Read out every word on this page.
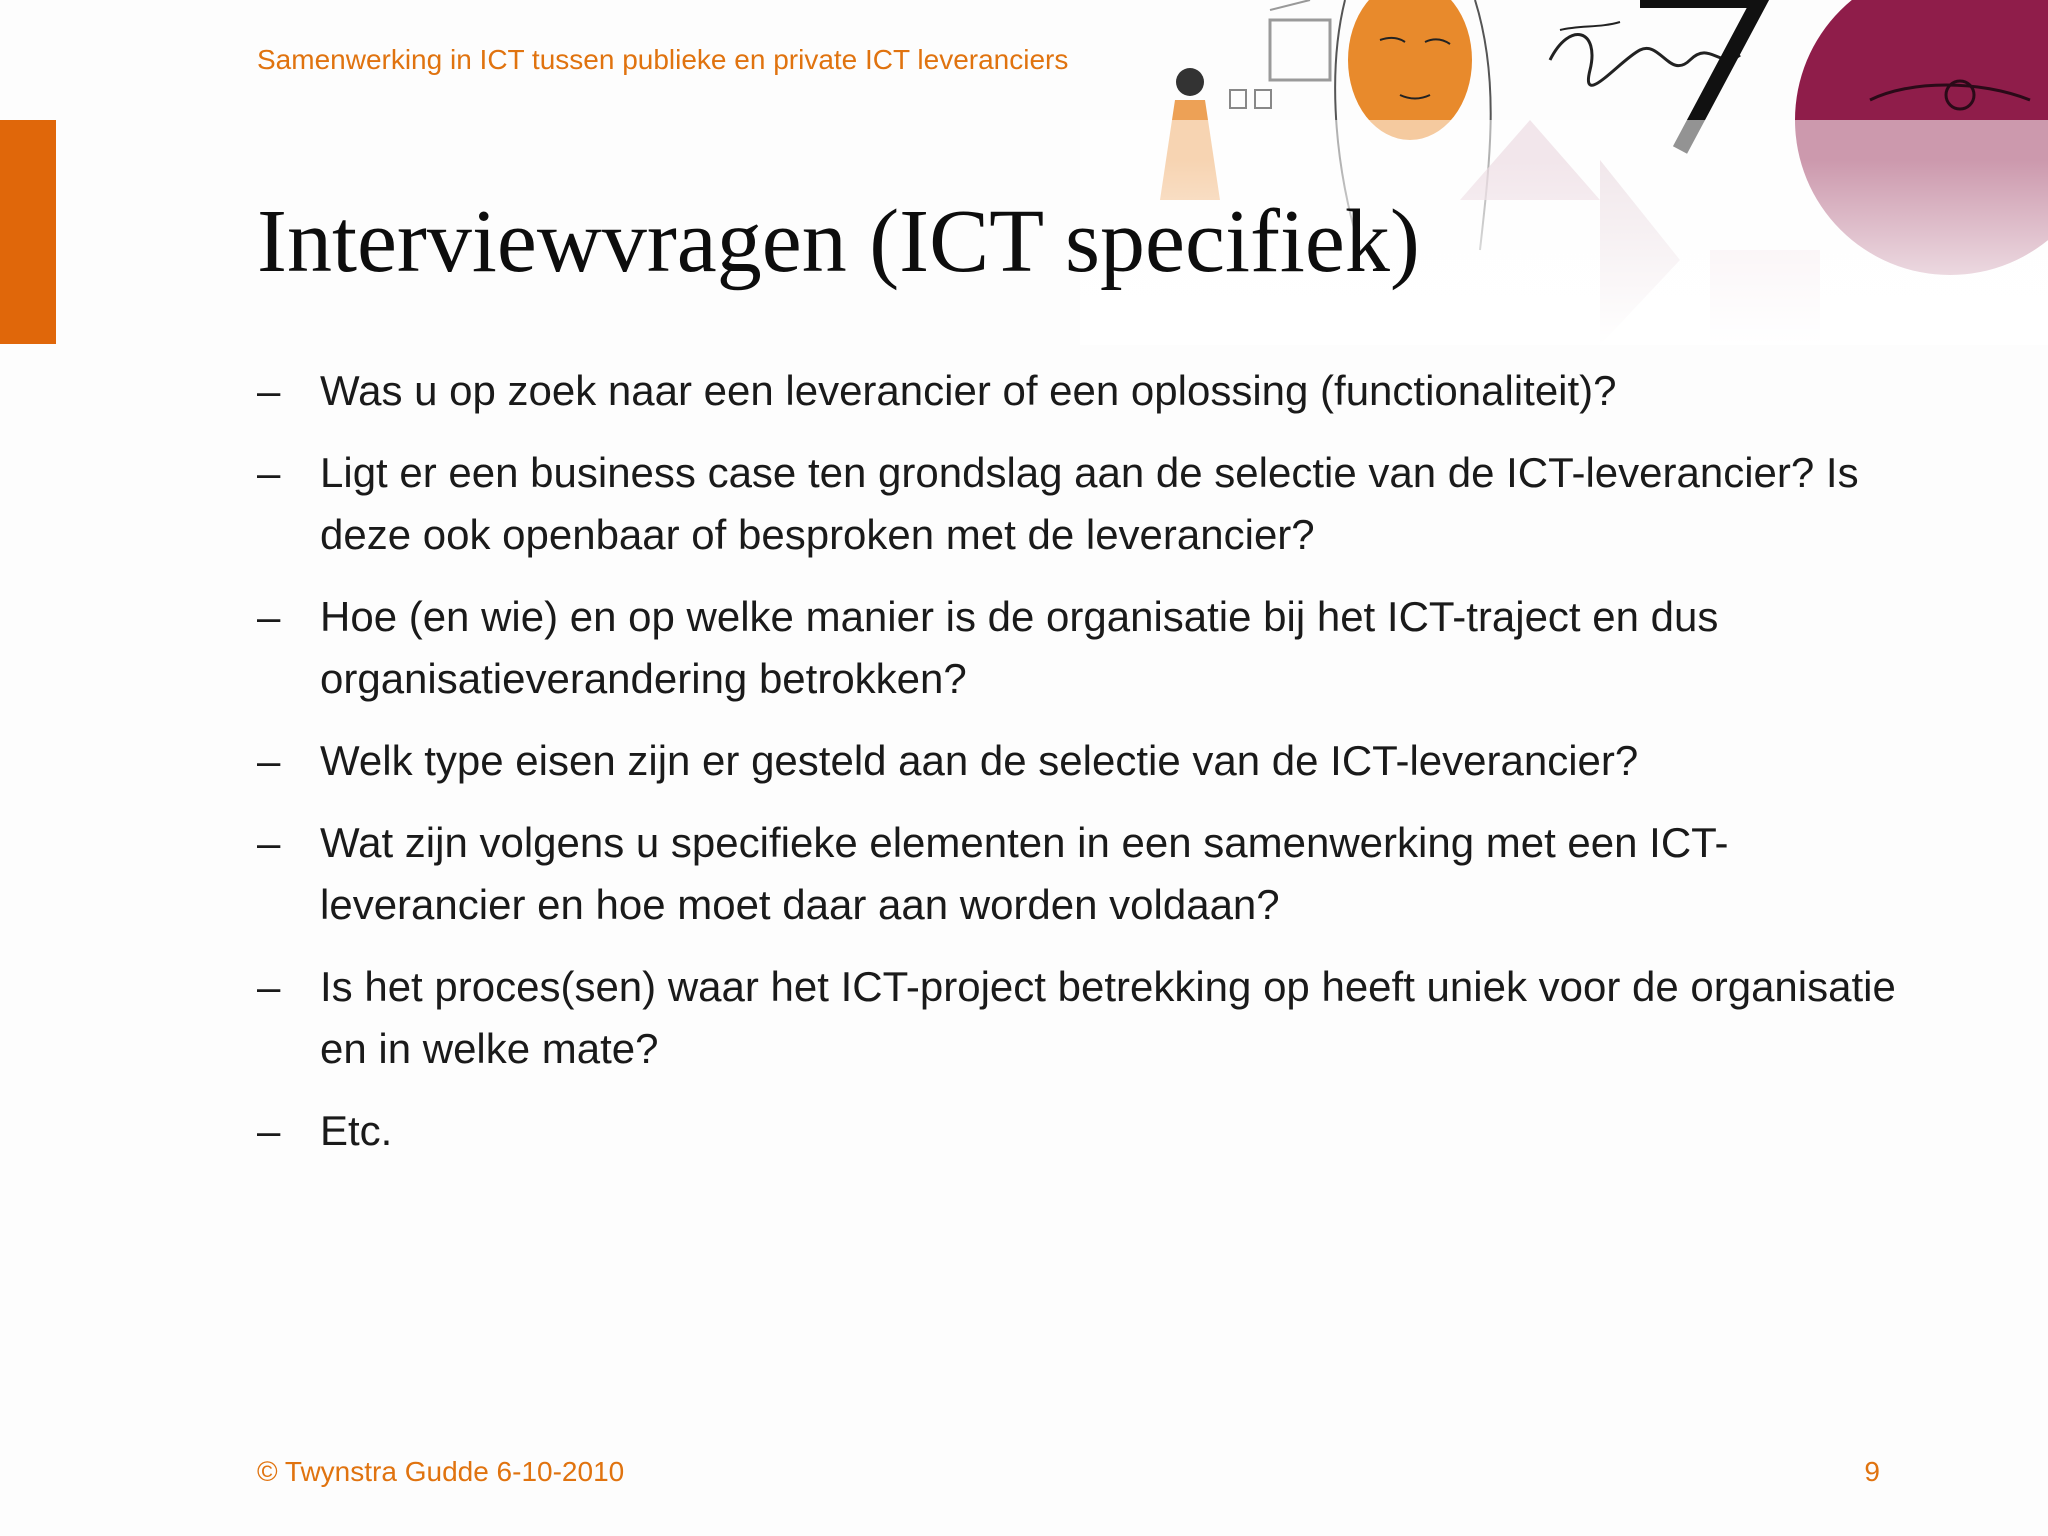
Samenwerking in ICT tussen publieke en private ICT leveranciers
Interviewvragen (ICT specifiek)
– Was u op zoek naar een leverancier of een oplossing (functionaliteit)?
– Ligt er een business case ten grondslag aan de selectie van de ICT-leverancier? Is deze ook openbaar of besproken met de leverancier?
– Hoe (en wie) en op welke manier is de organisatie bij het ICT-traject en dus organisatieverandering betrokken?
– Welk type eisen zijn er gesteld aan de selectie van de ICT-leverancier?
– Wat zijn volgens u specifieke elementen in een samenwerking met een ICT-leverancier en hoe moet daar aan worden voldaan?
– Is het proces(sen) waar het ICT-project betrekking op heeft uniek voor de organisatie en in welke mate?
– Etc.
© Twynstra Gudde 6-10-2010	9
